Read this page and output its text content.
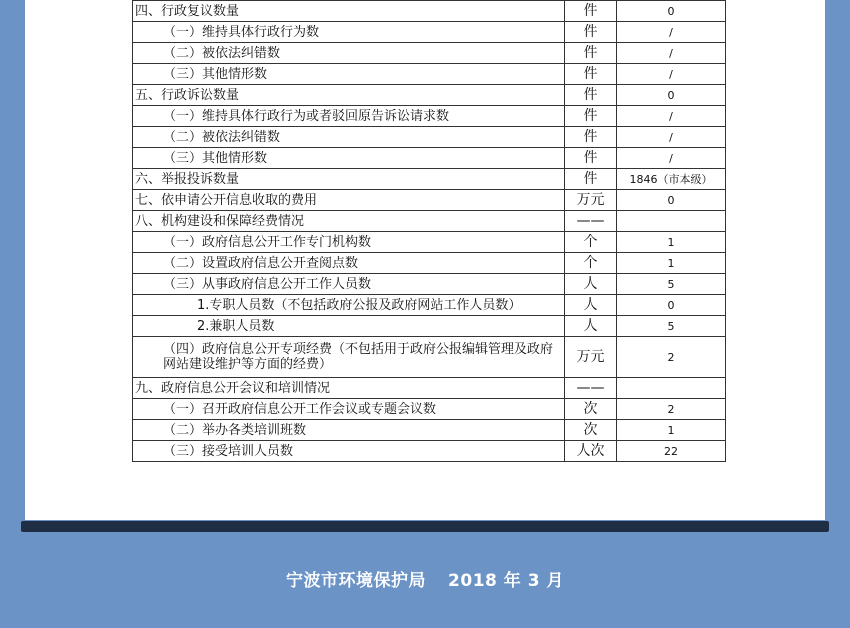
四、行政复议数量	件	0
（一）维持具体行政行为数	件	/
（二）被依法纠错数	件	/
（三）其他情形数	件	/
五、行政诉讼数量	件	0
（一）维持具体行政行为或者驳回原告诉讼请求数	件	/
（二）被依法纠错数	件	/
（三）其他情形数	件	/
六、举报投诉数量	件	1846（市本级）
七、依申请公开信息收取的费用	万元	0
八、机构建设和保障经费情况	——	
（一）政府信息公开工作专门机构数	个	1
（二）设置政府信息公开查阅点数	个	1
（三）从事政府信息公开工作人员数	人	5
1.专职人员数（不包括政府公报及政府网站工作人员数）	人	0
2.兼职人员数	人	5
（四）政府信息公开专项经费（不包括用于政府公报编辑管理及政府网站建设维护等方面的经费）	万元	2
九、政府信息公开会议和培训情况	——	
（一）召开政府信息公开工作会议或专题会议数	次	2
（二）举办各类培训班数	次	1
（三）接受培训人员数	人次	22
宁波市环境保护局 2018 年 3 月
